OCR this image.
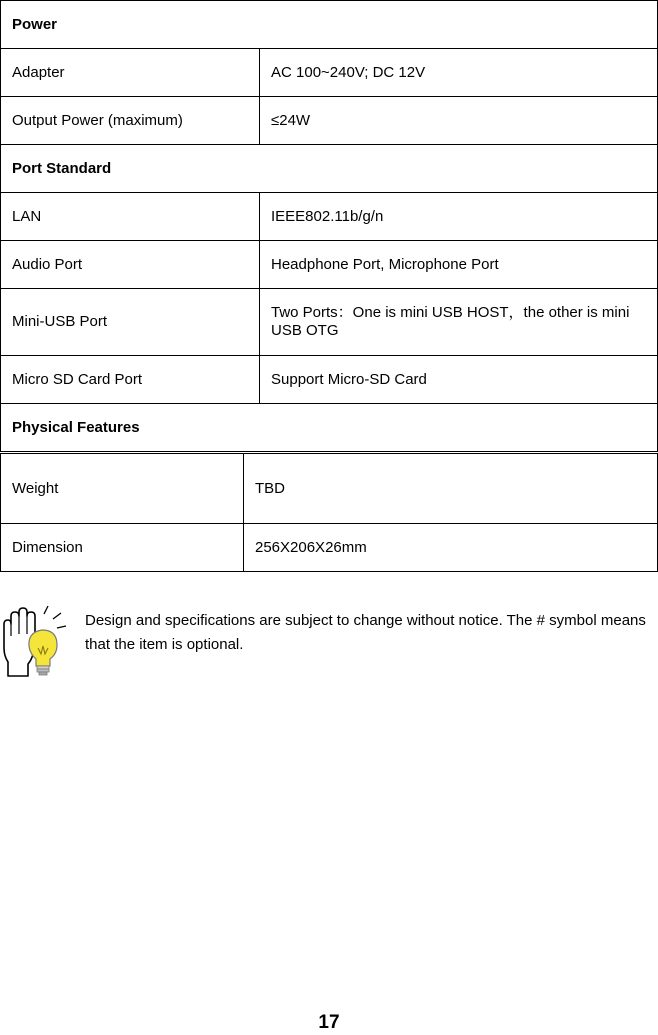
Power	
Adapter	AC 100~240V; DC 12V
Output Power (maximum)	≤24W
Port Standard	
LAN	IEEE802.11b/g/n
Audio Port	Headphone Port, Microphone Port
Mini-USB Port	Two Ports：One is mini USB HOST，the other is mini USB OTG
Micro SD Card Port	Support Micro-SD Card
Physical Features	
Weight	TBD
Dimension	256X206X26mm
Design and specifications are subject to change without notice. The # symbol means that the item is optional.
17
